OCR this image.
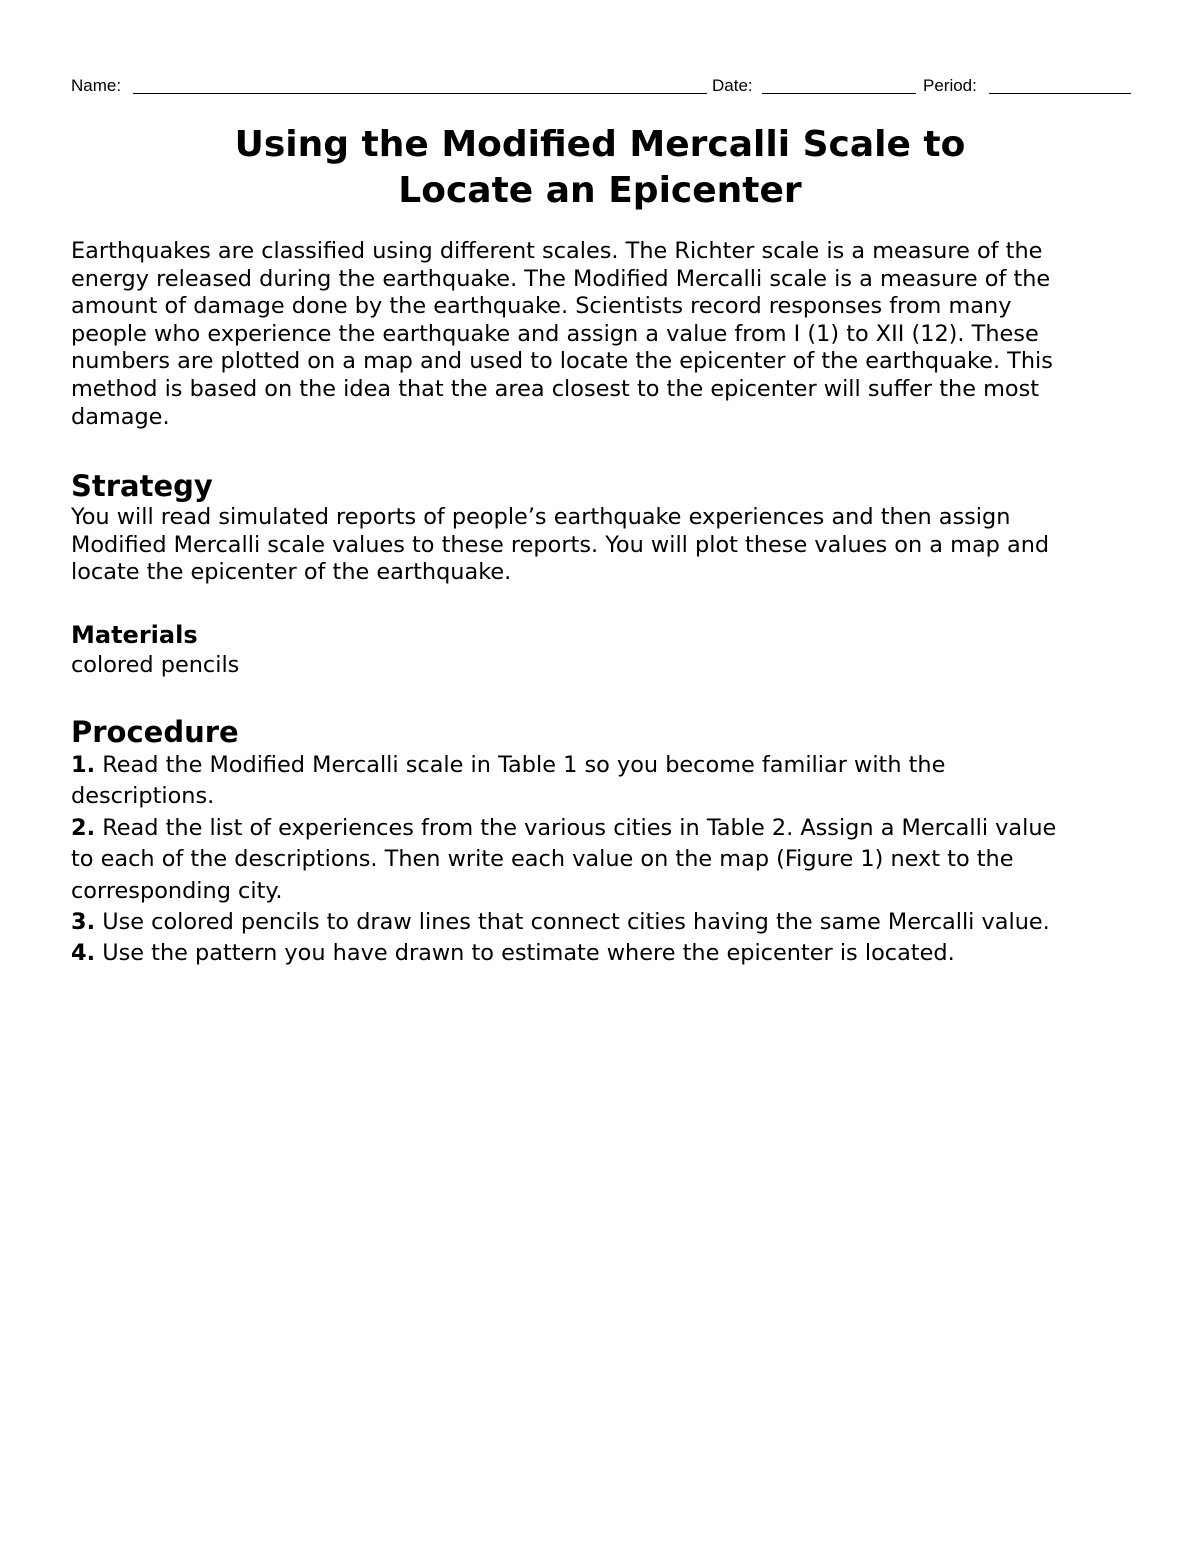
Name:	Date:	Period:
Using the Modified Mercalli Scale to
Locate an Epicenter

Earthquakes are classified using different scales. The Richter scale is a measure of the
energy released during the earthquake. The Modified Mercalli scale is a measure of the
amount of damage done by the earthquake. Scientists record responses from many
people who experience the earthquake and assign a value from I (1) to XII (12). These
numbers are plotted on a map and used to locate the epicenter of the earthquake. This
method is based on the idea that the area closest to the epicenter will suffer the most
damage.

Strategy

You will read simulated reports of people’s earthquake experiences and then assign
Modified Mercalli scale values to these reports. You will plot these values on a map and
locate the epicenter of the earthquake.

Materials

colored pencils

Procedure
1. Read the Modified Mercalli scale in Table 1 so you become familiar with the
descriptions.
2. Read the list of experiences from the various cities in Table 2. Assign a Mercalli value
to each of the descriptions. Then write each value on the map (Figure 1) next to the
corresponding city.
3. Use colored pencils to draw lines that connect cities having the same Mercalli value.
4. Use the pattern you have drawn to estimate where the epicenter is located.
